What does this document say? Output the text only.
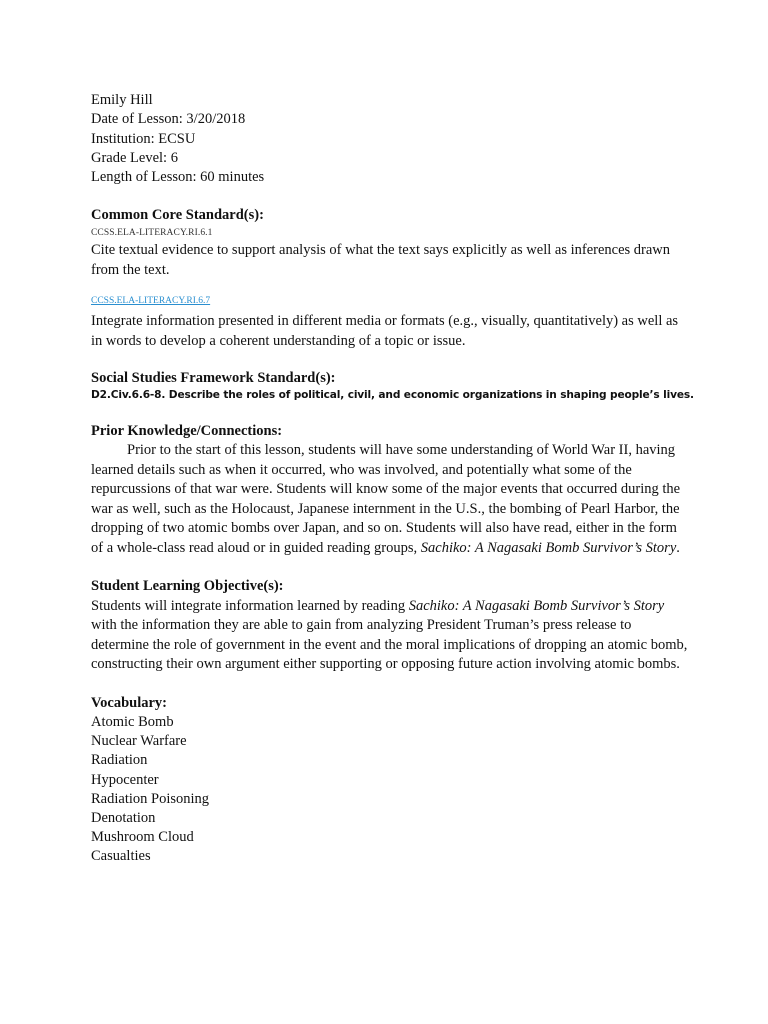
Emily Hill
Date of Lesson: 3/20/2018
Institution: ECSU
Grade Level: 6
Length of Lesson: 60 minutes
Common Core Standard(s):
CCSS.ELA-LITERACY.RI.6.1
Cite textual evidence to support analysis of what the text says explicitly as well as inferences drawn from the text.
CCSS.ELA-LITERACY.RI.6.7
Integrate information presented in different media or formats (e.g., visually, quantitatively) as well as in words to develop a coherent understanding of a topic or issue.
Social Studies Framework Standard(s):
D2.Civ.6.6-8. Describe the roles of political, civil, and economic organizations in shaping people’s lives.
Prior Knowledge/Connections:
Prior to the start of this lesson, students will have some understanding of World War II, having learned details such as when it occurred, who was involved, and potentially what some of the repurcussions of that war were. Students will know some of the major events that occurred during the war as well, such as the Holocaust, Japanese internment in the U.S., the bombing of Pearl Harbor, the dropping of two atomic bombs over Japan, and so on. Students will also have read, either in the form of a whole-class read aloud or in guided reading groups, Sachiko: A Nagasaki Bomb Survivor’s Story.
Student Learning Objective(s):
Students will integrate information learned by reading Sachiko: A Nagasaki Bomb Survivor’s Story with the information they are able to gain from analyzing President Truman’s press release to determine the role of government in the event and the moral implications of dropping an atomic bomb, constructing their own argument either supporting or opposing future action involving atomic bombs.
Vocabulary:
Atomic Bomb
Nuclear Warfare
Radiation
Hypocenter
Radiation Poisoning
Denotation
Mushroom Cloud
Casualties
